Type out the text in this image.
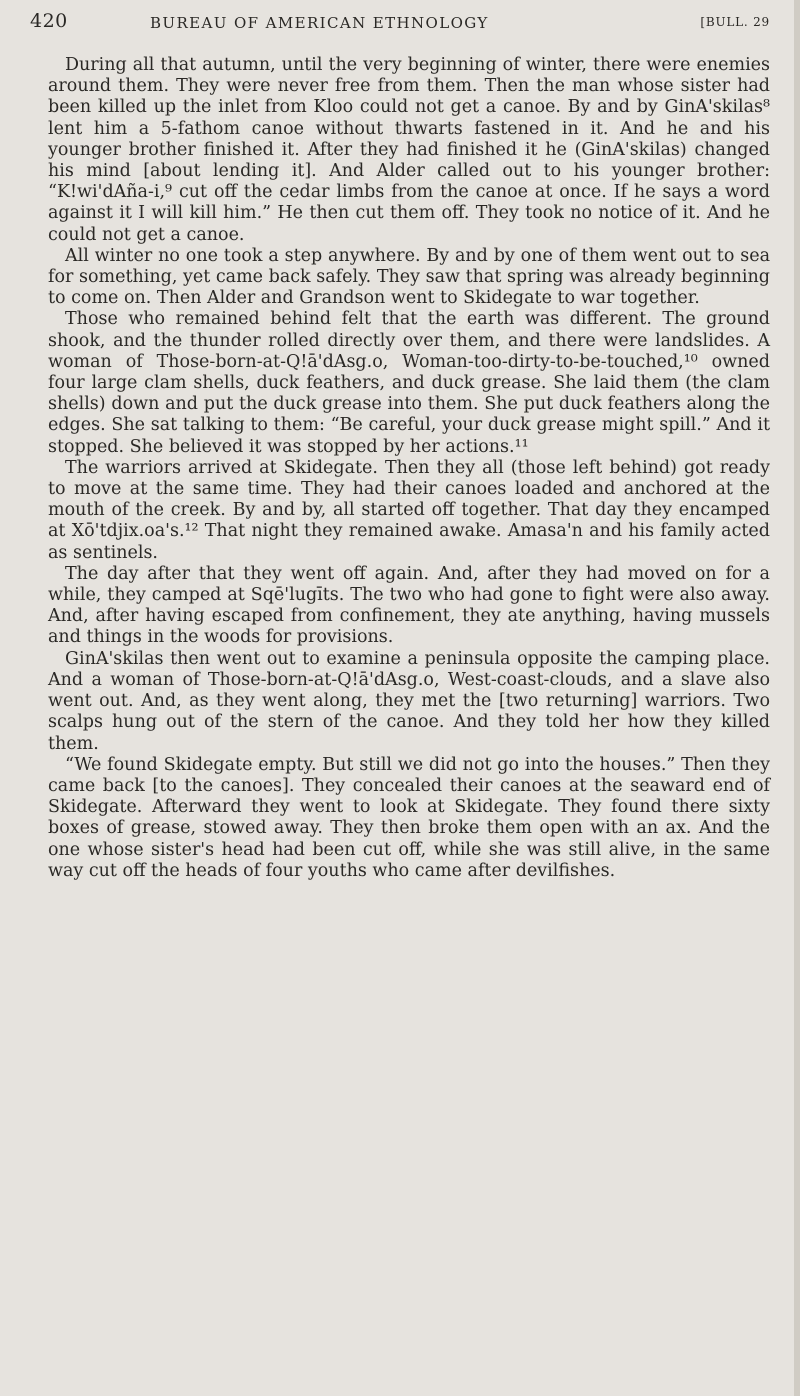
420	BUREAU OF AMERICAN ETHNOLOGY	[BULL. 29

During all that autumn, until the very beginning of winter, there were enemies around them. They were never free from them. Then the man whose sister had been killed up the inlet from Kloo could not get a canoe. By and by GinA'skilas⁸ lent him a 5-fathom canoe without thwarts fastened in it. And he and his younger brother finished it. After they had finished it he (GinA'skilas) changed his mind [about lending it]. And Alder called out to his younger brother: “K!wi'dAña-i,⁹ cut off the cedar limbs from the canoe at once. If he says a word against it I will kill him.” He then cut them off. They took no notice of it. And he could not get a canoe.

All winter no one took a step anywhere. By and by one of them went out to sea for something, yet came back safely. They saw that spring was already beginning to come on. Then Alder and Grandson went to Skidegate to war together.

Those who remained behind felt that the earth was different. The ground shook, and the thunder rolled directly over them, and there were landslides. A woman of Those-born-at-Q!ā'dAsg.o, Woman-too-dirty-to-be-touched,¹⁰ owned four large clam shells, duck feathers, and duck grease. She laid them (the clam shells) down and put the duck grease into them. She put duck feathers along the edges. She sat talking to them: “Be careful, your duck grease might spill.” And it stopped. She believed it was stopped by her actions.¹¹

The warriors arrived at Skidegate. Then they all (those left behind) got ready to move at the same time. They had their canoes loaded and anchored at the mouth of the creek. By and by, all started off together. That day they encamped at Xō'tdjix.oa's.¹² That night they remained awake. Amasa'n and his family acted as sentinels.

The day after that they went off again. And, after they had moved on for a while, they camped at Sqē'lugīts. The two who had gone to fight were also away. And, after having escaped from confinement, they ate anything, having mussels and things in the woods for provisions.

GinA'skilas then went out to examine a peninsula opposite the camping place. And a woman of Those-born-at-Q!ā'dAsg.o, West-coast-clouds, and a slave also went out. And, as they went along, they met the [two returning] warriors. Two scalps hung out of the stern of the canoe. And they told her how they killed them.

“We found Skidegate empty. But still we did not go into the houses.” Then they came back [to the canoes]. They concealed their canoes at the seaward end of Skidegate. Afterward they went to look at Skidegate. They found there sixty boxes of grease, stowed away. They then broke them open with an ax. And the one whose sister's head had been cut off, while she was still alive, in the same way cut off the heads of four youths who came after devilfishes.
